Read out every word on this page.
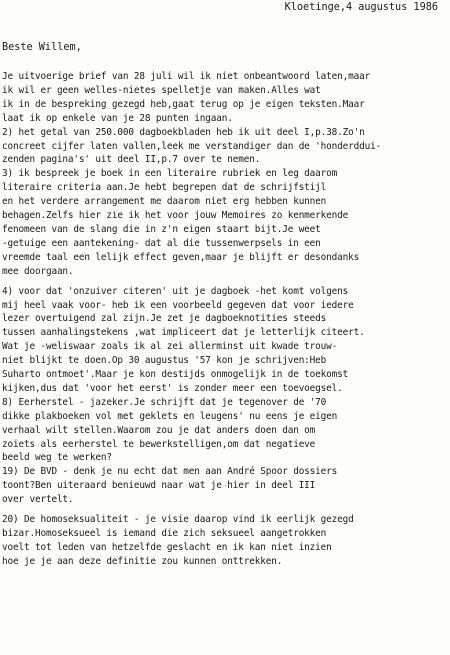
Kloetinge,4 augustus 1986
Beste Willem,
Je uitvoerige brief van 28 juli wil ik niet onbeantwoord laten,maar
ik wil er geen welles-nietes spelletje van maken.Alles wat
ik in de bespreking gezegd heb,gaat terug op je eigen teksten.Maar
laat ik op enkele van je 28 punten ingaan.
2) het getal van 250.000 dagboekbladen heb ik uit deel I,p.38.Zo'n
concreet cijfer laten vallen,leek me verstandiger dan de 'honderddui-
zenden pagina's' uit deel II,p.7 over te nemen.
3) ik bespreek je boek in een literaire rubriek en leg daarom
literaire criteria aan.Je hebt begrepen dat de schrijfstijl
en het verdere arrangement me daarom niet erg hebben kunnen
behagen.Zelfs hier zie ik het voor jouw Memoires zo kenmerkende
fenomeen van de slang die in z'n eigen staart bijt.Je weet
-getuige een aantekening- dat al die tussenwerpsels in een
vreemde taal een lelijk effect geven,maar je blijft er desondanks
mee doorgaan.
4) voor dat 'onzuiver citeren' uit je dagboek -het komt volgens
mij heel vaak voor- heb ik een voorbeeld gegeven dat voor iedere
lezer overtuigend zal zijn.Je zet je dagboeknotities steeds
tussen aanhalingstekens ,wat impliceert dat je letterlijk citeert.
Wat je -weliswaar zoals ik al zei allerminst uit kwade trouw-
niet blijkt te doen.Op 30 augustus '57 kon je schrijven:Heb
Suharto ontmoet'.Maar je kon destijds onmogelijk in de toekomst
kijken,dus dat 'voor het eerst' is zonder meer een toevoegsel.
8) Eerherstel - jazeker.Je schrijft dat je tegenover de '70
dikke plakboeken vol met geklets en leugens' nu eens je eigen
verhaal wilt stellen.Waarom zou je dat anders doen dan om
zoiets als eerherstel te bewerkstelligen,om dat negatieve
beeld weg te werken?
19) De BVD - denk je nu echt dat men aan André Spoor dossiers
toont?Ben uiteraard benieuwd naar wat je hier in deel III
over vertelt.
20) De homoseksualiteit - je visie daarop vind ik eerlijk gezegd
bizar.Homoseksueel is iemand die zich seksueel aangetrokken
voelt tot leden van hetzelfde geslacht en ik kan niet inzien
hoe je je aan deze definitie zou kunnen onttrekken.
